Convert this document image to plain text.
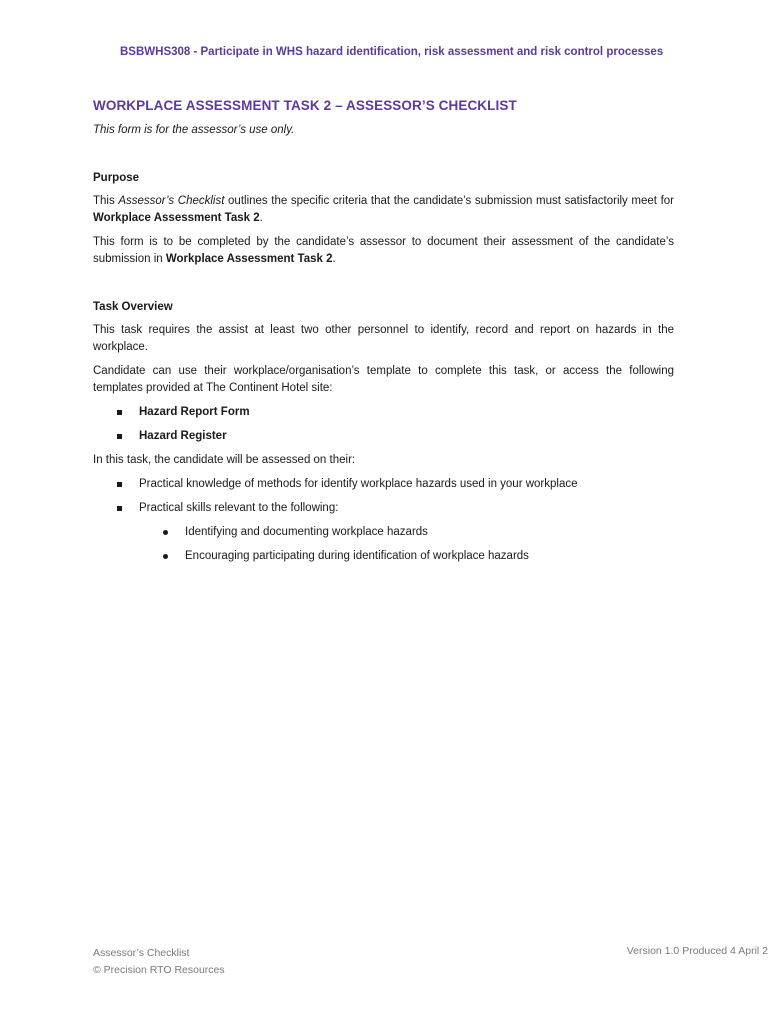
BSBWHS308 - Participate in WHS hazard identification, risk assessment and risk control processes
WORKPLACE ASSESSMENT TASK 2 – ASSESSOR’S CHECKLIST

This form is for the assessor’s use only.

Purpose

This Assessor’s Checklist outlines the specific criteria that the candidate’s submission must satisfactorily meet for Workplace Assessment Task 2.

This form is to be completed by the candidate’s assessor to document their assessment of the candidate’s submission in Workplace Assessment Task 2.

Task Overview

This task requires the assist at least two other personnel to identify, record and report on hazards in the workplace.

Candidate can use their workplace/organisation’s template to complete this task, or access the following templates provided at The Continent Hotel site:

Hazard Report Form
Hazard Register

In this task, the candidate will be assessed on their:

Practical knowledge of methods for identify workplace hazards used in your workplace
Practical skills relevant to the following:
Identifying and documenting workplace hazards
Encouraging participating during identification of workplace hazards
Assessor’s Checklist
© Precision RTO Resources
Version 1.0 Produced 4 April 2
